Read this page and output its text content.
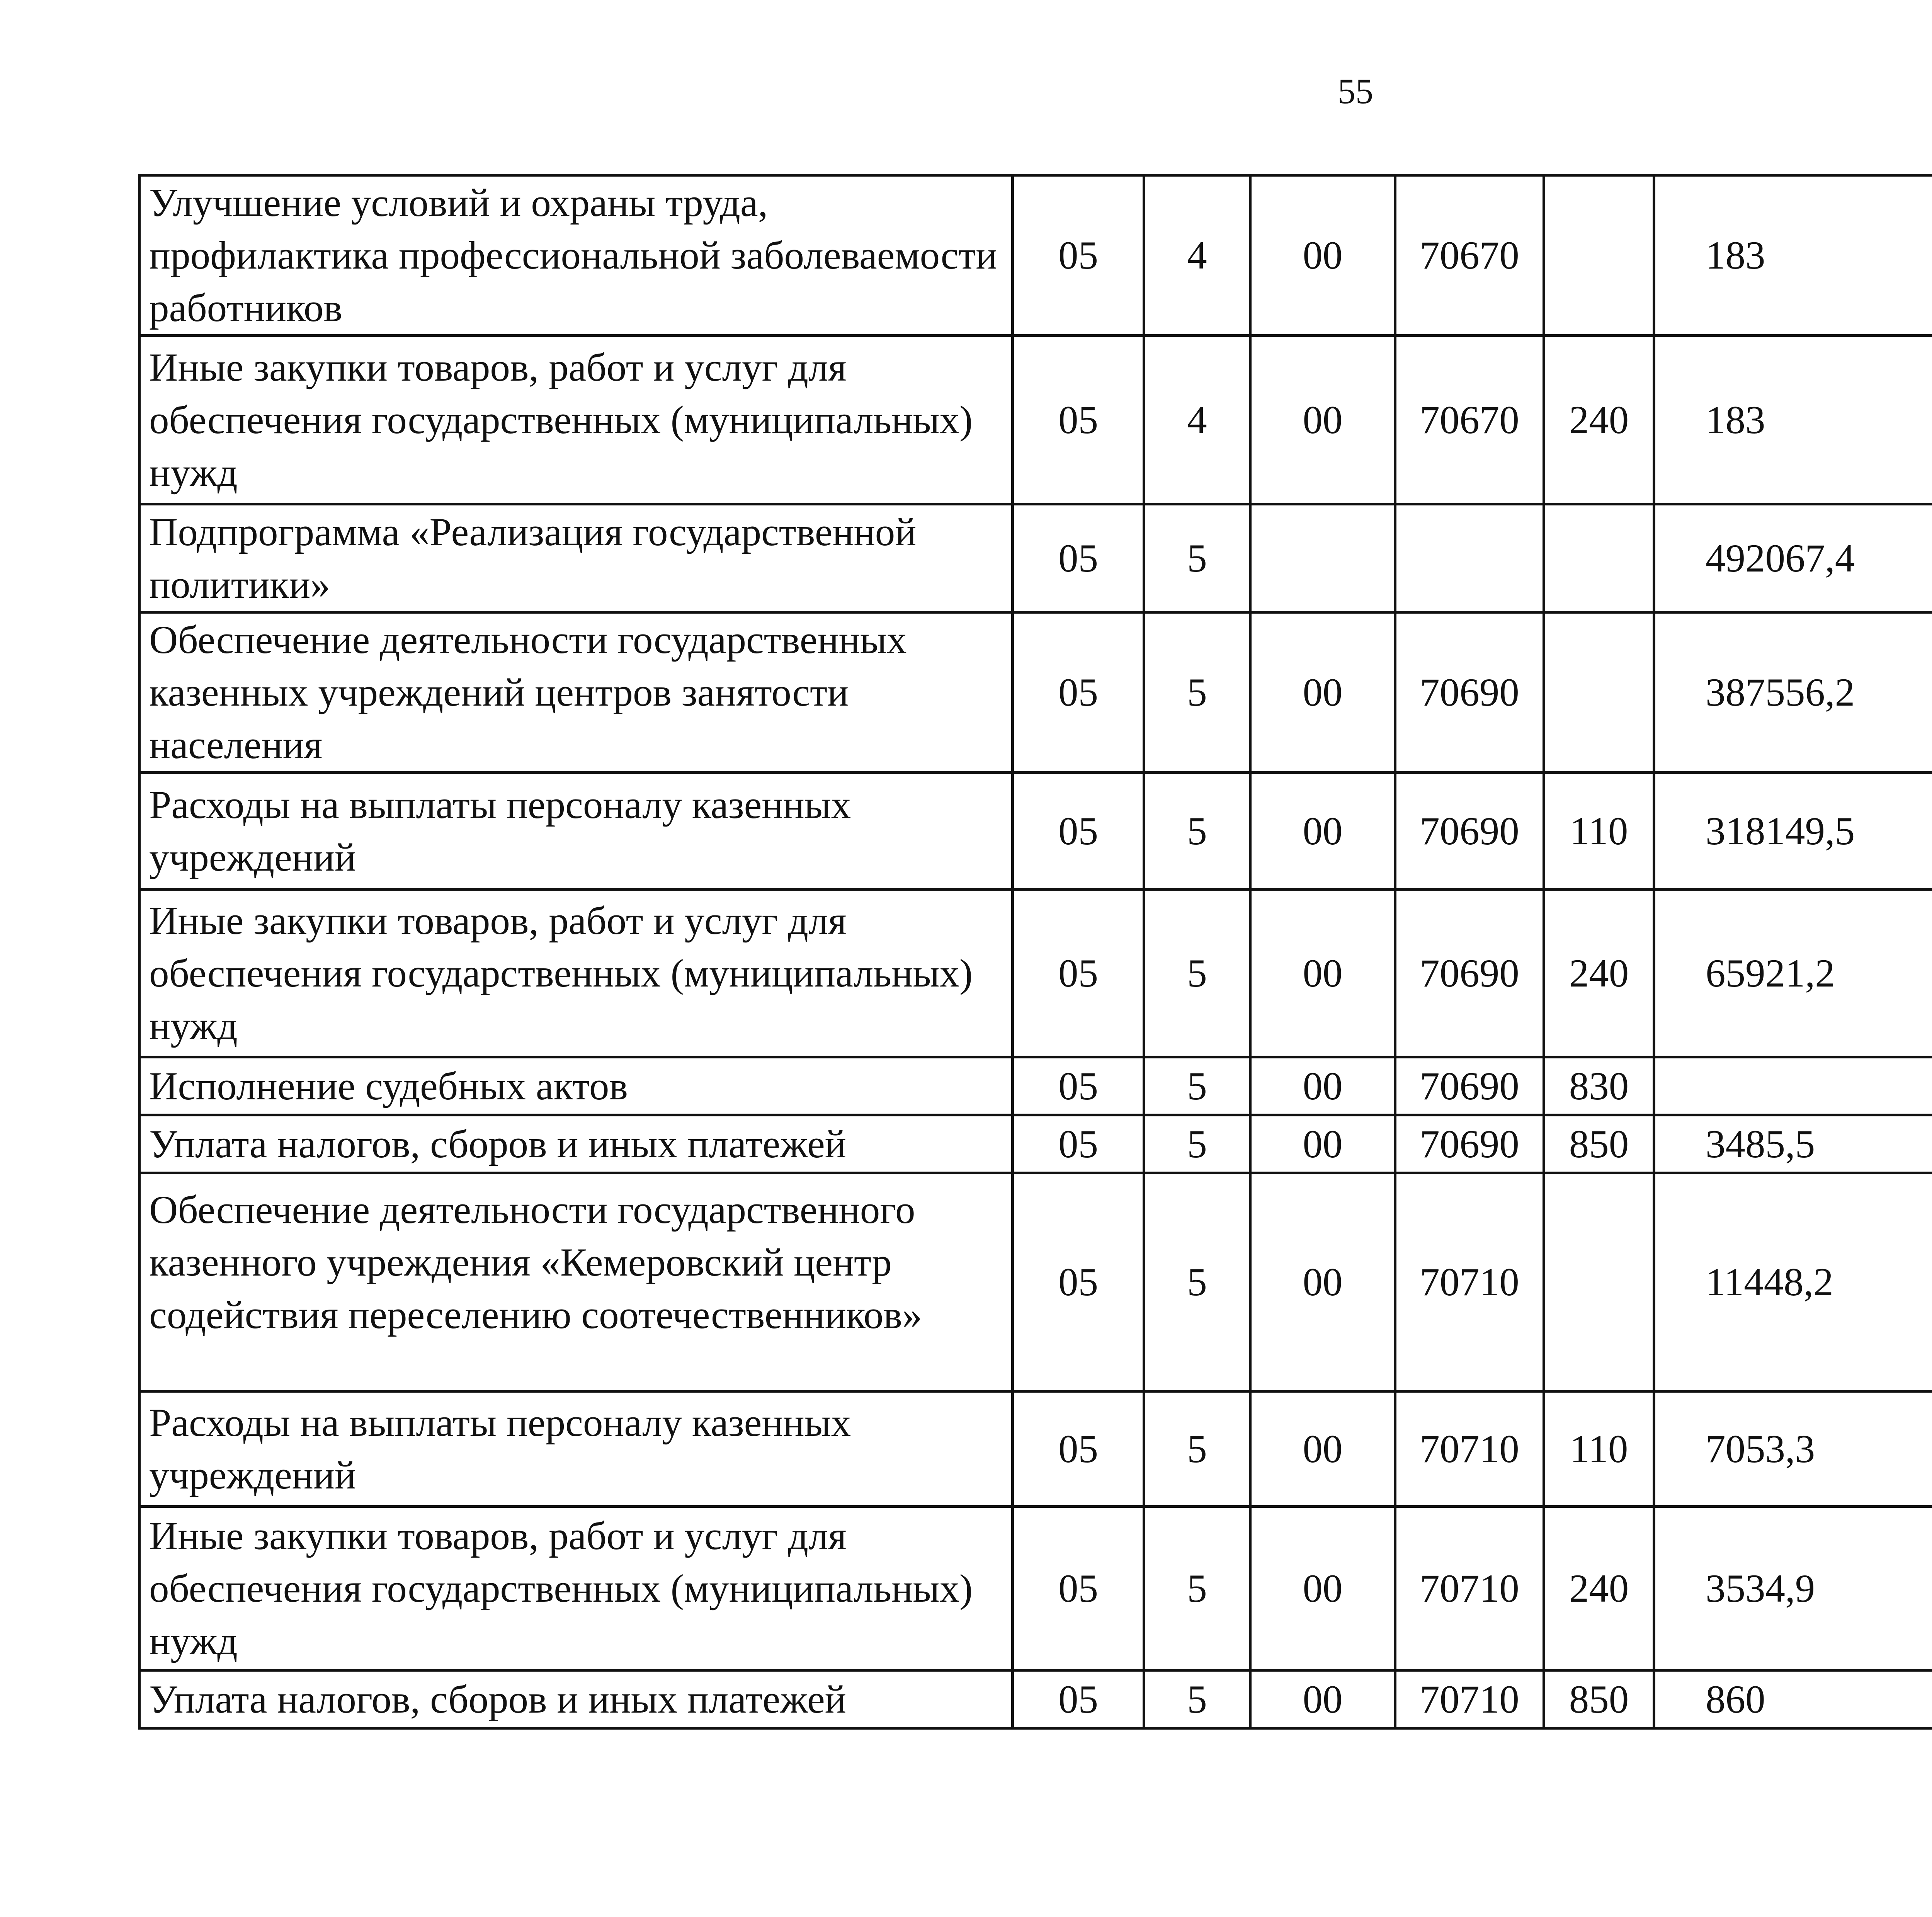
55
Улучшение условий и охраны труда, профилактика профессиональной заболеваемости работников	05	4	00	70670		183		
Иные закупки товаров, работ и услуг для обеспечения государственных (муниципальных) нужд	05	4	00	70670	240	183		
Подпрограмма «Реализация государственной политики»	05	5				492067,4		
Обеспечение деятельности государственных казенных учреждений центров занятости населения	05	5	00	70690		387556,2		
Расходы на выплаты персоналу казенных учреждений	05	5	00	70690	110	318149,5		
Иные закупки товаров, работ и услуг для обеспечения государственных (муниципальных) нужд	05	5	00	70690	240	65921,2		
Исполнение судебных актов	05	5	00	70690	830			
Уплата налогов, сборов и иных платежей	05	5	00	70690	850	3485,5		
Обеспечение деятельности государственного казенного учреждения «Кемеровский центр содействия переселению соотечественников»	05	5	00	70710		11448,2		
Расходы на выплаты персоналу казенных учреждений	05	5	00	70710	110	7053,3		
Иные закупки товаров, работ и услуг для обеспечения государственных (муниципальных) нужд	05	5	00	70710	240	3534,9		
Уплата налогов, сборов и иных платежей	05	5	00	70710	850	860		
